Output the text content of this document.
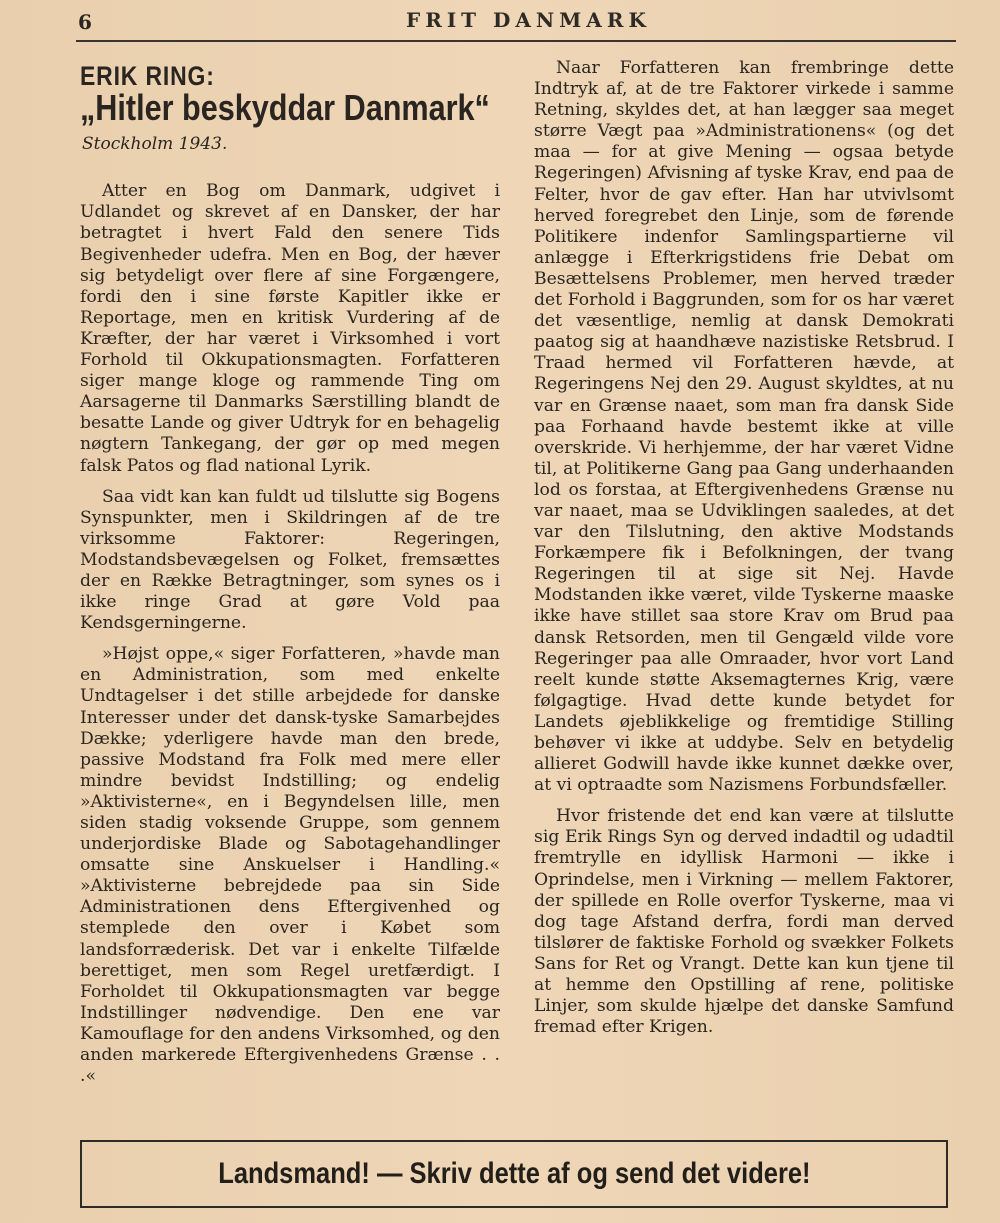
6	FRIT DANMARK
ERIK RING:
„Hitler beskyddar Danmark“
Stockholm 1943.

Atter en Bog om Danmark, udgivet i Udlandet og skrevet af en Dansker, der har betragtet i hvert Fald den senere Tids Begivenheder udefra. Men en Bog, der hæver sig betydeligt over flere af sine Forgængere, fordi den i sine første Kapitler ikke er Reportage, men en kritisk Vurdering af de Kræfter, der har været i Virksomhed i vort Forhold til Okkupationsmagten. Forfatteren siger mange kloge og rammende Ting om Aarsagerne til Danmarks Særstilling blandt de besatte Lande og giver Udtryk for en behagelig nøgtern Tankegang, der gør op med megen falsk Patos og flad national Lyrik.

Saa vidt kan kan fuldt ud tilslutte sig Bogens Synspunkter, men i Skildringen af de tre virksomme Faktorer: Regeringen, Modstandsbevægelsen og Folket, fremsættes der en Række Betragtninger, som synes os i ikke ringe Grad at gøre Vold paa Kendsgerningerne.

»Højst oppe,« siger Forfatteren, »havde man en Administration, som med enkelte Undtagelser i det stille arbejdede for danske Interesser under det dansk-tyske Samarbejdes Dække; yderligere havde man den brede, passive Modstand fra Folk med mere eller mindre bevidst Indstilling; og endelig »Aktivisterne«, en i Begyndelsen lille, men siden stadig voksende Gruppe, som gennem underjordiske Blade og Sabotagehandlinger omsatte sine Anskuelser i Handling.« »Aktivisterne bebrejdede paa sin Side Administrationen dens Eftergivenhed og stemplede den over i Købet som landsforræderisk. Det var i enkelte Tilfælde berettiget, men som Regel uretfærdigt. I Forholdet til Okkupationsmagten var begge Indstillinger nødvendige. Den ene var Kamouflage for den andens Virksomhed, og den anden markerede Eftergivenhedens Grænse . . .«

Naar Forfatteren kan frembringe dette Indtryk af, at de tre Faktorer virkede i samme Retning, skyldes det, at han lægger saa meget større Vægt paa »Administrationens« (og det maa — for at give Mening — ogsaa betyde Regeringen) Afvisning af tyske Krav, end paa de Felter, hvor de gav efter. Han har utvivlsomt herved foregrebet den Linje, som de førende Politikere indenfor Samlingspartierne vil anlægge i Efterkrigstidens frie Debat om Besættelsens Problemer, men herved træder det Forhold i Baggrunden, som for os har været det væsentlige, nemlig at dansk Demokrati paatog sig at haandhæve nazistiske Retsbrud. I Traad hermed vil Forfatteren hævde, at Regeringens Nej den 29. August skyldtes, at nu var en Grænse naaet, som man fra dansk Side paa Forhaand havde bestemt ikke at ville overskride. Vi herhjemme, der har været Vidne til, at Politikerne Gang paa Gang underhaanden lod os forstaa, at Eftergivenhedens Grænse nu var naaet, maa se Udviklingen saaledes, at det var den Tilslutning, den aktive Modstands Forkæmpere fik i Befolkningen, der tvang Regeringen til at sige sit Nej. Havde Modstanden ikke været, vilde Tyskerne maaske ikke have stillet saa store Krav om Brud paa dansk Retsorden, men til Gengæld vilde vore Regeringer paa alle Omraader, hvor vort Land reelt kunde støtte Aksemagternes Krig, være følgagtige. Hvad dette kunde betydet for Landets øjeblikkelige og fremtidige Stilling behøver vi ikke at uddybe. Selv en betydelig allieret Godwill havde ikke kunnet dække over, at vi optraadte som Nazismens Forbundsfæller.

Hvor fristende det end kan være at tilslutte sig Erik Rings Syn og derved indadtil og udadtil fremtrylle en idyllisk Harmoni — ikke i Oprindelse, men i Virkning — mellem Faktorer, der spillede en Rolle overfor Tyskerne, maa vi dog tage Afstand derfra, fordi man derved tilslører de faktiske Forhold og svækker Folkets Sans for Ret og Vrangt. Dette kan kun tjene til at hemme den Opstilling af rene, politiske Linjer, som skulde hjælpe det danske Samfund fremad efter Krigen.

Landsmand! — Skriv dette af og send det videre!
